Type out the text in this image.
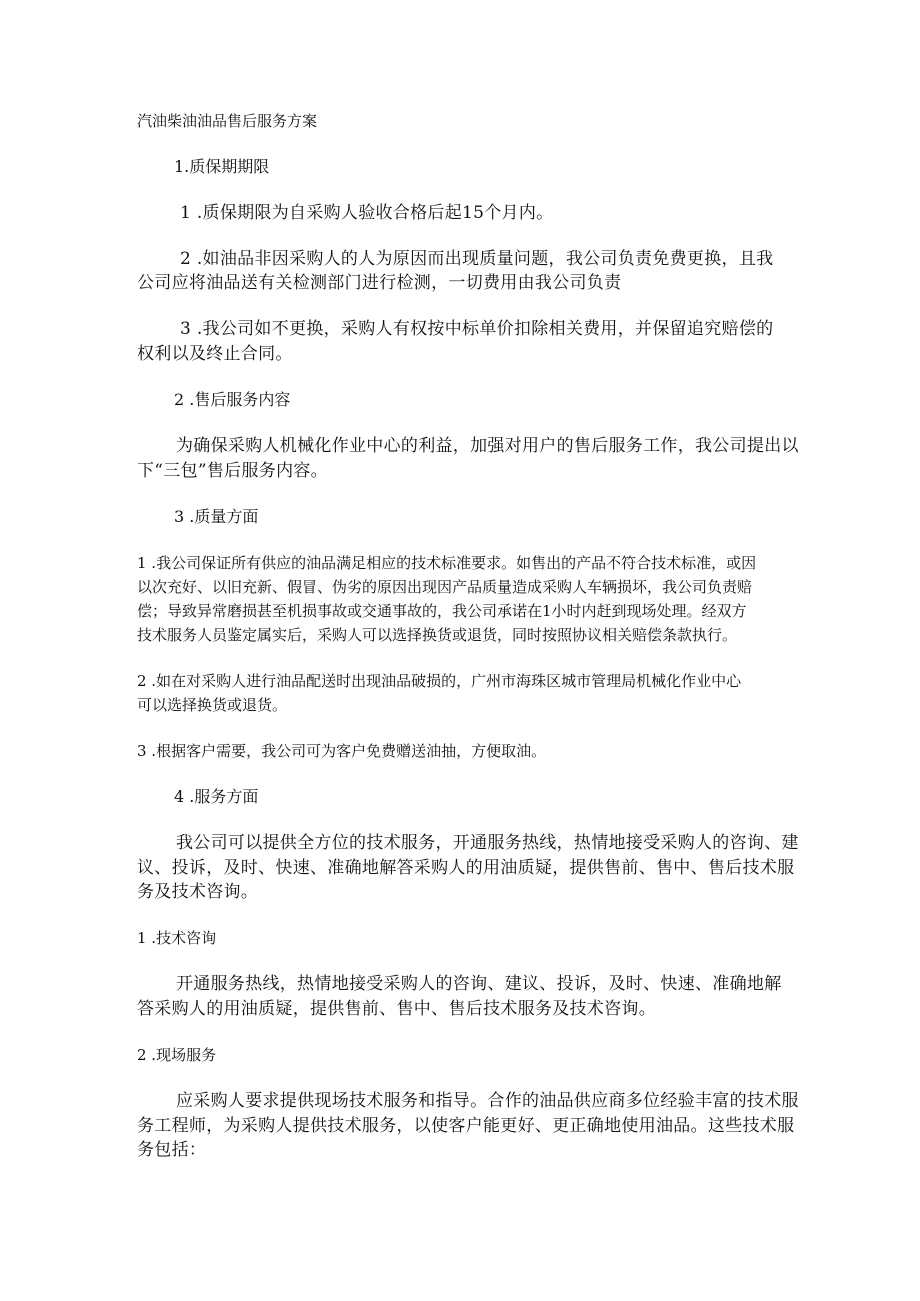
汽油柴油油品售后服务方案
1.质保期期限
1 .质保期限为自采购人验收合格后起15个月内。
2 .如油品非因采购人的人为原因而出现质量问题，我公司负责免费更换，且我
公司应将油品送有关检测部门进行检测，一切费用由我公司负责
3 .我公司如不更换，采购人有权按中标单价扣除相关费用，并保留追究赔偿的
权利以及终止合同。
2 .售后服务内容
为确保采购人机械化作业中心的利益，加强对用户的售后服务工作，我公司提出以
下“三包”售后服务内容。
3 .质量方面
1 .我公司保证所有供应的油品满足相应的技术标准要求。如售出的产品不符合技术标准，或因
以次充好、以旧充新、假冒、伪劣的原因出现因产品质量造成采购人车辆损坏，我公司负责赔
偿；导致异常磨损甚至机损事故或交通事故的，我公司承诺在1小时内赶到现场处理。经双方
技术服务人员鉴定属实后，采购人可以选择换货或退货，同时按照协议相关赔偿条款执行。
2 .如在对采购人进行油品配送时出现油品破损的，广州市海珠区城市管理局机械化作业中心
可以选择换货或退货。
3 .根据客户需要，我公司可为客户免费赠送油抽，方便取油。
4 .服务方面
我公司可以提供全方位的技术服务，开通服务热线，热情地接受采购人的咨询、建
议、投诉，及时、快速、准确地解答采购人的用油质疑，提供售前、售中、售后技术服
务及技术咨询。
1 .技术咨询
开通服务热线，热情地接受采购人的咨询、建议、投诉，及时、快速、准确地解
答采购人的用油质疑，提供售前、售中、售后技术服务及技术咨询。
2 .现场服务
应采购人要求提供现场技术服务和指导。合作的油品供应商多位经验丰富的技术服
务工程师，为采购人提供技术服务，以使客户能更好、更正确地使用油品。这些技术服
务包括：
